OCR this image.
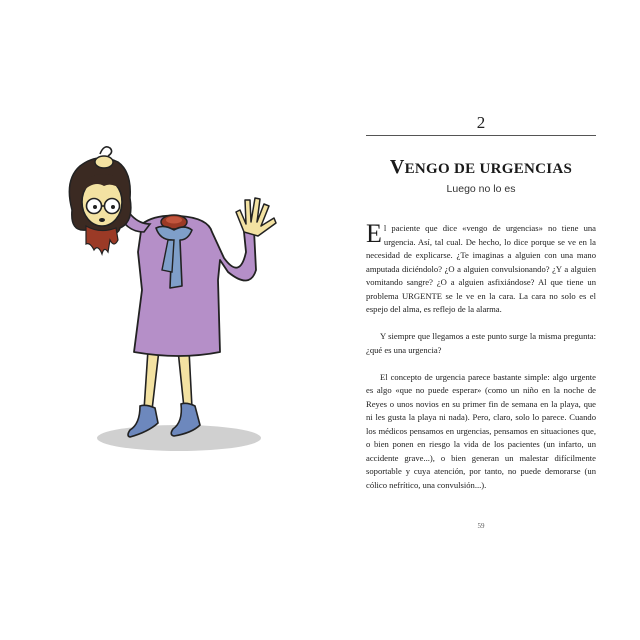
2
VENGO DE URGENCIAS
Luego no lo es

El paciente que dice «vengo de urgencias» no tiene una urgencia. Así, tal cual. De hecho, lo dice porque se ve en la necesidad de explicarse. ¿Te imaginas a alguien con una mano amputada diciéndolo? ¿O a alguien convulsionando? ¿Y a alguien vomitando sangre? ¿O a alguien asfixiándose? Al que tiene un problema URGENTE se le ve en la cara. La cara no solo es el espejo del alma, es reflejo de la alarma.

Y siempre que llegamos a este punto surge la misma pregunta: ¿qué es una urgencia?

El concepto de urgencia parece bastante simple: algo urgente es algo «que no puede esperar» (como un niño en la noche de Reyes o unos novios en su primer fin de semana en la playa, que ni les gusta la playa ni nada). Pero, claro, solo lo parece. Cuando los médicos pensamos en urgencias, pensamos en situaciones que, o bien ponen en riesgo la vida de los pacientes (un infarto, un accidente grave...), o bien generan un malestar difícilmente soportable y cuya atención, por tanto, no puede demorarse (un cólico nefrítico, una convulsión...).

59
